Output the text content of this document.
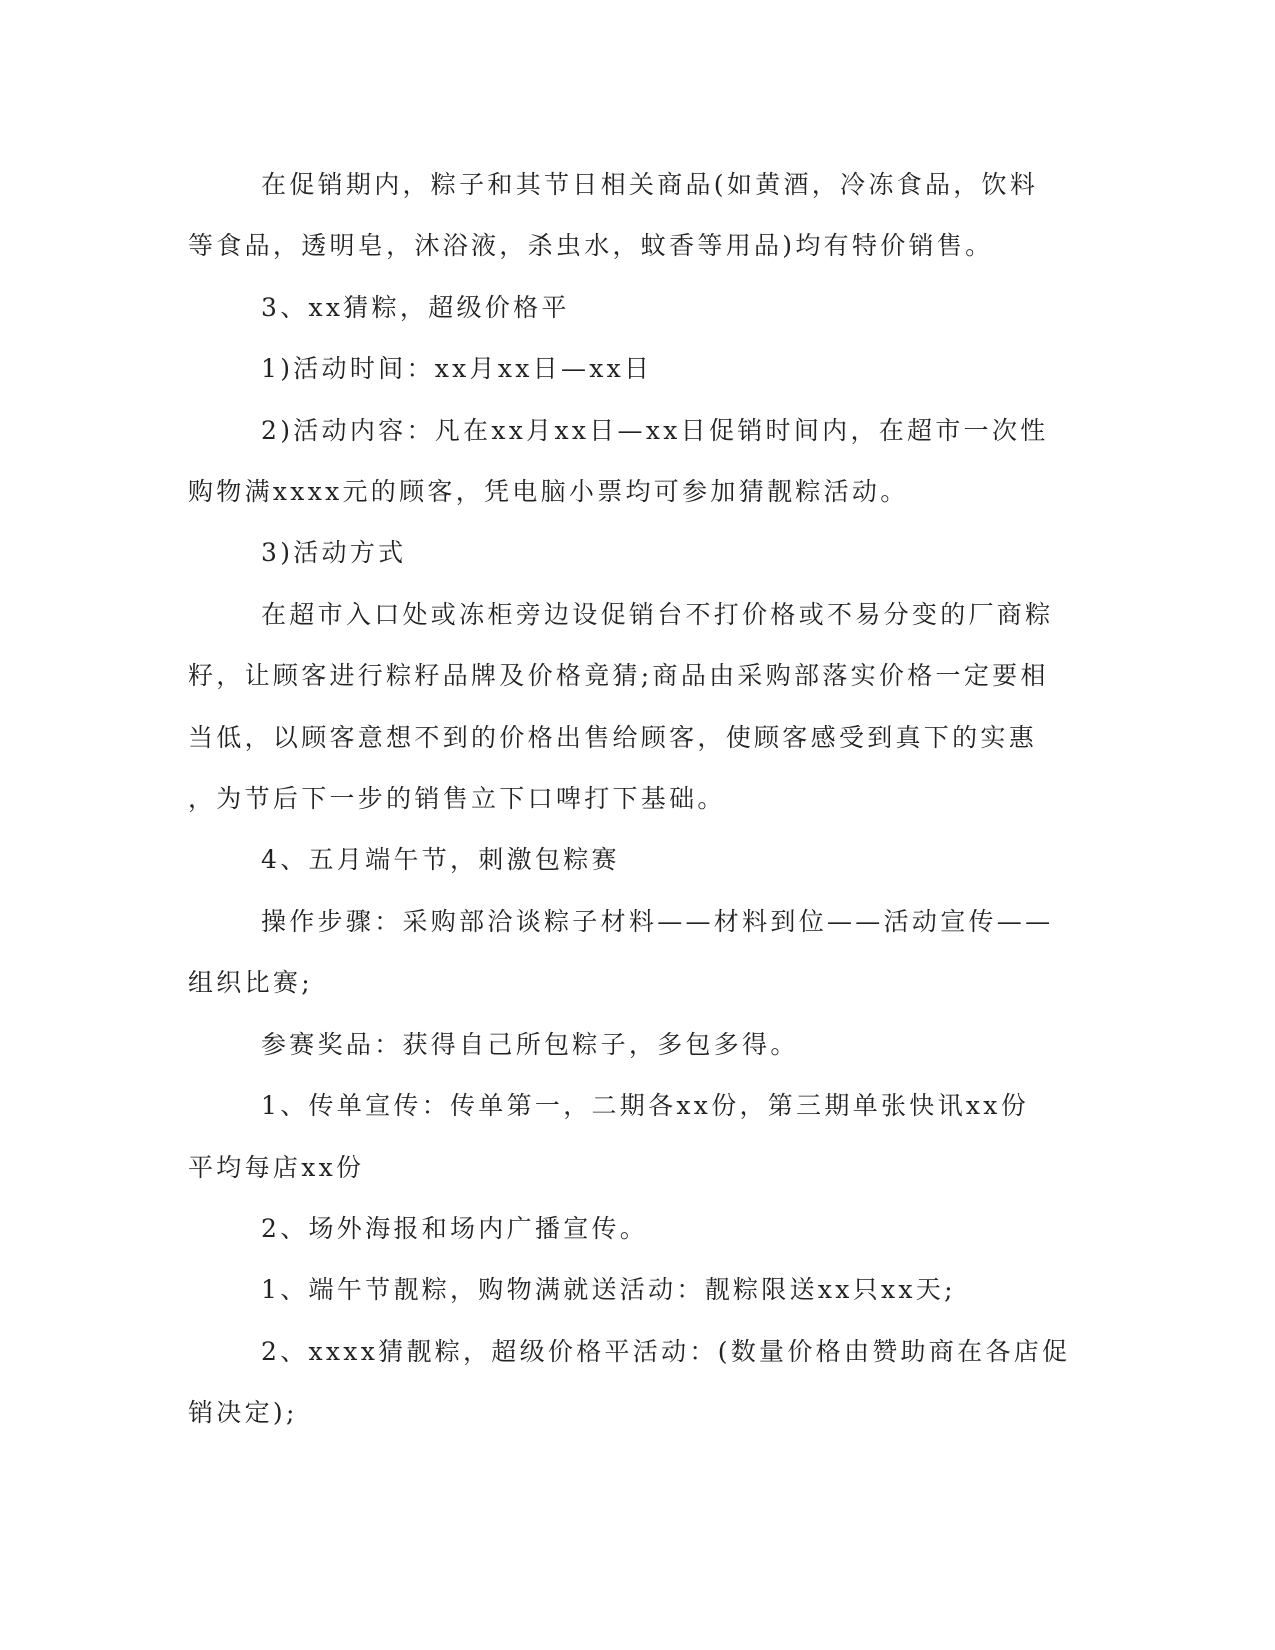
在促销期内，粽子和其节日相关商品(如黄酒，冷冻食品，饮料

等食品，透明皂，沐浴液，杀虫水，蚊香等用品)均有特价销售。

3、xx猜粽，超级价格平

1)活动时间：xx月xx日—xx日

2)活动内容：凡在xx月xx日—xx日促销时间内，在超市一次性

购物满xxxx元的顾客，凭电脑小票均可参加猜靓粽活动。

3)活动方式

在超市入口处或冻柜旁边设促销台不打价格或不易分变的厂商粽

籽，让顾客进行粽籽品牌及价格竟猜;商品由采购部落实价格一定要相

当低，以顾客意想不到的价格出售给顾客，使顾客感受到真下的实惠

，为节后下一步的销售立下口啤打下基础。

4、五月端午节，刺激包粽赛

操作步骤：采购部洽谈粽子材料——材料到位——活动宣传——

组织比赛;

参赛奖品：获得自己所包粽子，多包多得。

1、传单宣传：传单第一，二期各xx份，第三期单张快讯xx份

平均每店xx份

2、场外海报和场内广播宣传。

1、端午节靓粽，购物满就送活动：靓粽限送xx只xx天;

2、xxxx猜靓粽，超级价格平活动：(数量价格由赞助商在各店促

销决定);
